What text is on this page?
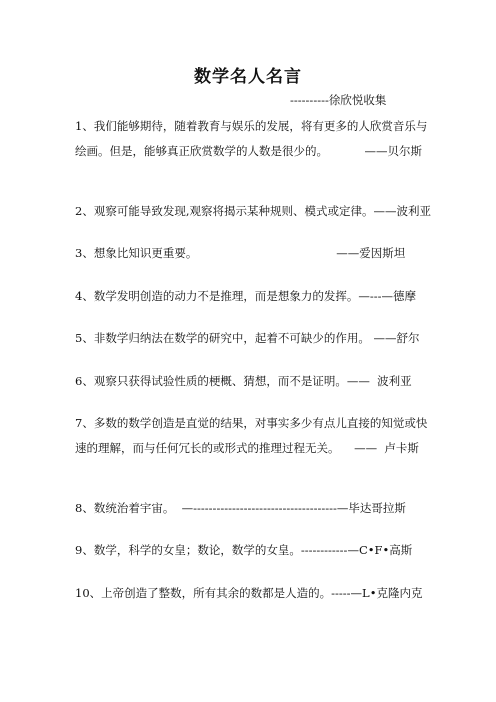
数学名人名言
----------徐欣悦收集

1、我们能够期待，随着教育与娱乐的发展，将有更多的人欣赏音乐与
绘画。但是，能够真正欣赏数学的人数是很少的。          ——贝尔斯

2、观察可能导致发现,观察将揭示某种规则、模式或定律。——波利亚

3、想象比知识更重要。                                      ——爱因斯坦

4、数学发明创造的动力不是推理，而是想象力的发挥。—---—德摩

5、非数学归纳法在数学的研究中，起着不可缺少的作用。 ——舒尔

6、观察只获得试验性质的梗概、猜想，而不是证明。——  波利亚

7、多数的数学创造是直觉的结果，对事实多少有点儿直接的知觉或快
速的理解，而与任何冗长的或形式的推理过程无关。    ——  卢卡斯

8、数统治着宇宙。  —-------------------------------------—毕达哥拉斯

9、数学，科学的女皇；数论，数学的女皇。------------—C•F•高斯

10、上帝创造了整数，所有其余的数都是人造的。-----—L•克隆内克
